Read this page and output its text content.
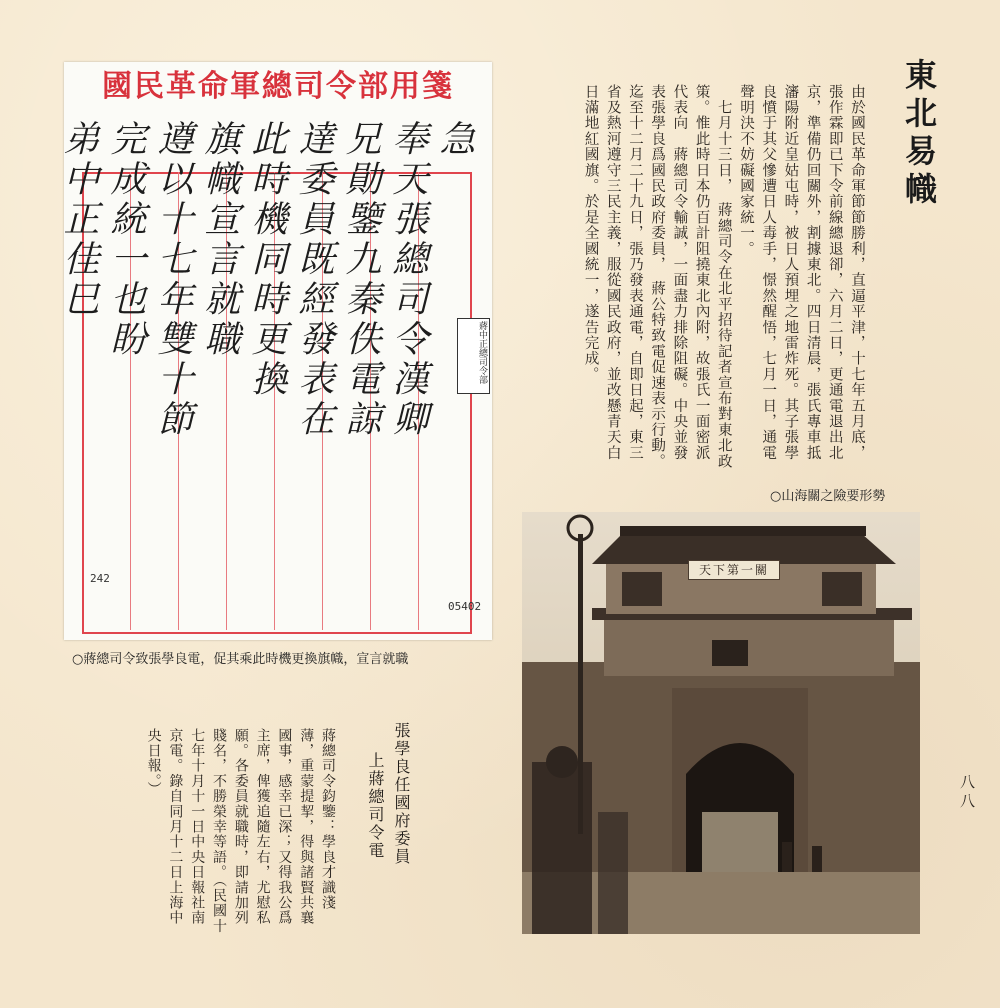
國民革命軍總司令部用箋
急
奉天張總司令漢卿
兄勛鑒九秦佚電諒
達委員既經發表在
此時機同時更換
旗幟宣言就職
遵以十七年雙十節
完成統一也盼
弟中正佳巳
蔣中正總司令部
242
05402
○蔣總司令致張學良電，促其乘此時機更換旗幟，宣言就職
東北易幟
由於國民革命軍節節勝利，直逼平津，十七年五月底，張作霖即已下令前線總退卻，六月二日，更通電退出北京，準備仍回關外，割據東北。四日清晨，張氏專車抵瀋陽附近皇姑屯時，被日人預埋之地雷炸死。其子張學良憤于其父慘遭日人毒手，憬然醒悟，七月一日，通電聲明決不妨礙國家統一。
　七月十三日，　蔣總司令在北平招待記者宣布對東北政策。惟此時日本仍百計阻撓東北內附，故張氏一面密派代表向　蔣總司令輸誠，一面盡力排除阻礙。中央並發表張學良爲國民政府委員，　蔣公特致電促速表示行動。迄至十二月二十九日，張乃發表通電，自即日起，東三省及熱河遵守三民主義，服從國民政府，並改懸青天白日滿地紅國旗。於是全國統一，遂告完成。
○山海關之險要形勢
天下第一關
張學良任國府委員
上蔣總司令電
蔣總司令鈞鑒：學良才識淺薄，重蒙提挈，得與諸賢共襄國事，感幸已深；又得我公爲主席，俾獲追隨左右，尤慰私願。各委員就職時，即請加列賤名，不勝榮幸等語。（民國十七年十月十一日中央日報社南京電。錄自同月十二日上海中央日報。）	八八
